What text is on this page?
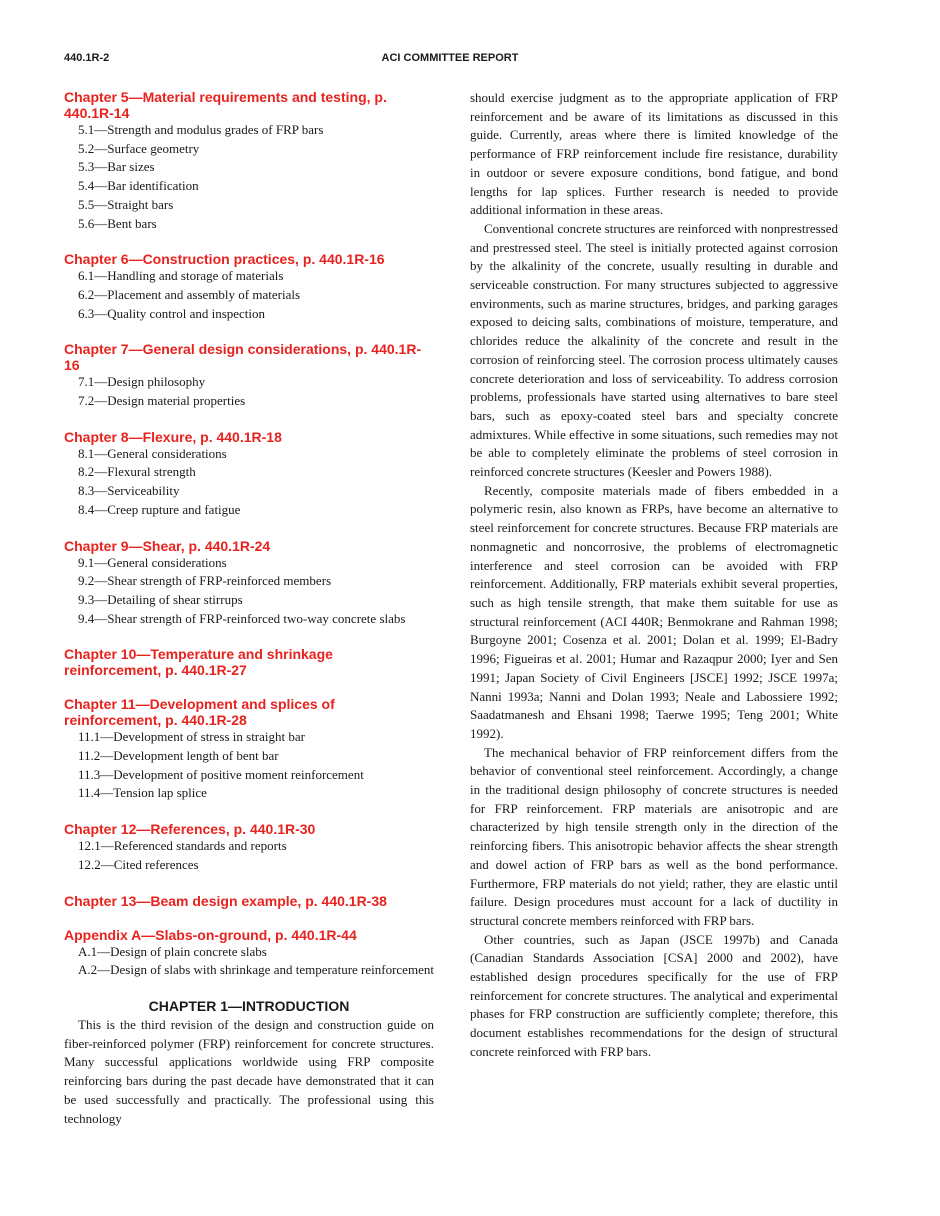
440.1R-2	ACI COMMITTEE REPORT
Chapter 5—Material requirements and testing, p. 440.1R-14

5.1—Strength and modulus grades of FRP bars

5.2—Surface geometry

5.3—Bar sizes

5.4—Bar identification

5.5—Straight bars

5.6—Bent bars

Chapter 6—Construction practices, p. 440.1R-16

6.1—Handling and storage of materials

6.2—Placement and assembly of materials

6.3—Quality control and inspection

Chapter 7—General design considerations, p. 440.1R-16

7.1—Design philosophy

7.2—Design material properties

Chapter 8—Flexure, p. 440.1R-18

8.1—General considerations

8.2—Flexural strength

8.3—Serviceability

8.4—Creep rupture and fatigue

Chapter 9—Shear, p. 440.1R-24

9.1—General considerations

9.2—Shear strength of FRP-reinforced members

9.3—Detailing of shear stirrups

9.4—Shear strength of FRP-reinforced two-way concrete slabs

Chapter 10—Temperature and shrinkage reinforcement, p. 440.1R-27
Chapter 11—Development and splices of reinforcement, p. 440.1R-28

11.1—Development of stress in straight bar

11.2—Development length of bent bar

11.3—Development of positive moment reinforcement

11.4—Tension lap splice

Chapter 12—References, p. 440.1R-30

12.1—Referenced standards and reports

12.2—Cited references

Chapter 13—Beam design example, p. 440.1R-38
Appendix A—Slabs-on-ground, p. 440.1R-44

A.1—Design of plain concrete slabs

A.2—Design of slabs with shrinkage and temperature reinforcement

CHAPTER 1—INTRODUCTION

This is the third revision of the design and construction guide on fiber-reinforced polymer (FRP) reinforcement for concrete structures. Many successful applications worldwide using FRP composite reinforcing bars during the past decade have demonstrated that it can be used successfully and practically. The professional using this technology

should exercise judgment as to the appropriate application of FRP reinforcement and be aware of its limitations as discussed in this guide. Currently, areas where there is limited knowledge of the performance of FRP reinforcement include fire resistance, durability in outdoor or severe exposure conditions, bond fatigue, and bond lengths for lap splices. Further research is needed to provide additional information in these areas.

Conventional concrete structures are reinforced with nonprestressed and prestressed steel. The steel is initially protected against corrosion by the alkalinity of the concrete, usually resulting in durable and serviceable construction. For many structures subjected to aggressive environments, such as marine structures, bridges, and parking garages exposed to deicing salts, combinations of moisture, temperature, and chlorides reduce the alkalinity of the concrete and result in the corrosion of reinforcing steel. The corrosion process ultimately causes concrete deterioration and loss of serviceability. To address corrosion problems, professionals have started using alternatives to bare steel bars, such as epoxy-coated steel bars and specialty concrete admixtures. While effective in some situations, such remedies may not be able to completely eliminate the problems of steel corrosion in reinforced concrete structures (Keesler and Powers 1988).

Recently, composite materials made of fibers embedded in a polymeric resin, also known as FRPs, have become an alternative to steel reinforcement for concrete structures. Because FRP materials are nonmagnetic and noncorrosive, the problems of electromagnetic interference and steel corrosion can be avoided with FRP reinforcement. Additionally, FRP materials exhibit several properties, such as high tensile strength, that make them suitable for use as structural reinforcement (ACI 440R; Benmokrane and Rahman 1998; Burgoyne 2001; Cosenza et al. 2001; Dolan et al. 1999; El-Badry 1996; Figueiras et al. 2001; Humar and Razaqpur 2000; Iyer and Sen 1991; Japan Society of Civil Engineers [JSCE] 1992; JSCE 1997a; Nanni 1993a; Nanni and Dolan 1993; Neale and Labossiere 1992; Saadatmanesh and Ehsani 1998; Taerwe 1995; Teng 2001; White 1992).

The mechanical behavior of FRP reinforcement differs from the behavior of conventional steel reinforcement. Accordingly, a change in the traditional design philosophy of concrete structures is needed for FRP reinforcement. FRP materials are anisotropic and are characterized by high tensile strength only in the direction of the reinforcing fibers. This anisotropic behavior affects the shear strength and dowel action of FRP bars as well as the bond performance. Furthermore, FRP materials do not yield; rather, they are elastic until failure. Design procedures must account for a lack of ductility in structural concrete members reinforced with FRP bars.

Other countries, such as Japan (JSCE 1997b) and Canada (Canadian Standards Association [CSA] 2000 and 2002), have established design procedures specifically for the use of FRP reinforcement for concrete structures. The analytical and experimental phases for FRP construction are sufficiently complete; therefore, this document establishes recommendations for the design of structural concrete reinforced with FRP bars.
